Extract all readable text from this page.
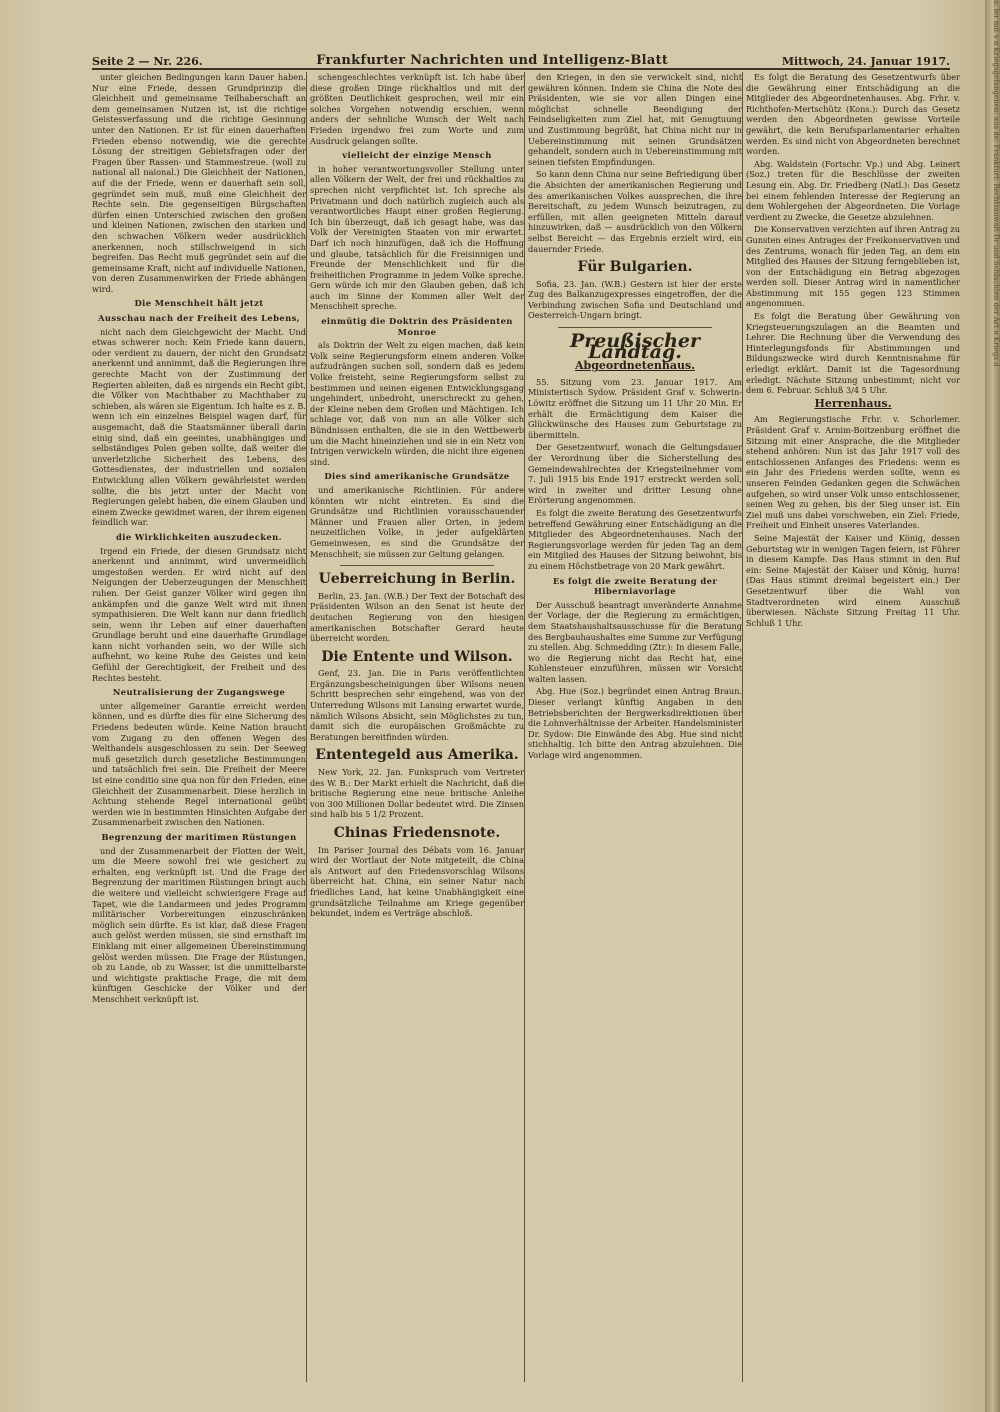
Seite 2 — Nr. 226.	Frankfurter Nachrichten und Intelligenz-Blatt	Mittwoch, 24. Januar 1917.

unter gleichen Bedingungen kann Dauer haben. Nur eine Friede, dessen Grundprinzip die Gleichheit und gemeinsame Teilhaberschaft an dem gemeinsamen Nutzen ist, ist die richtige Geistesverfassung und die richtige Gesinnung unter den Nationen. Er ist für einen dauerhaften Frieden ebenso notwendig, wie die gerechte Lösung der streitigen Gebietsfragen oder der Fragen über Rassen- und Stammestreue. (woll zu national all naional.) Die Gleichheit der Nationen, auf die der Friede, wenn er dauerhaft sein soll, gegründet sein muß, muß eine Gleichheit der Rechte sein. Die gegenseitigen Bürgschaften dürfen einen Unterschied zwischen den großen und kleinen Nationen, zwischen den starken und den schwachen Völkern weder ausdrücklich anerkennen, noch stillschweigend in sich begreifen. Das Recht muß gegründet sein auf die gemeinsame Kraft, nicht auf individuelle Nationen, von deren Zusammenwirken der Friede abhängen wird.

Die Menschheit hält jetzt
Ausschau nach der Freiheit des Lebens,

nicht nach dem Gleichgewicht der Macht. Und etwas schwerer noch: Kein Friede kann dauern, oder verdient zu dauern, der nicht den Grundsatz anerkennt und annimmt, daß die Regierungen ihre gerechte Macht von der Zustimmung der Regierten ableiten, daß es nirgends ein Recht gibt, die Völker von Machthaber zu Machthaber zu schieben, als wären sie Eigentum. Ich halte es z. B. wenn ich ein einzelnes Beispiel wagen darf, für ausgemacht, daß die Staatsmänner überall darin einig sind, daß ein geeintes, unabhängiges und selbständiges Polen geben sollte, daß weiter die unverletzliche Sicherheit des Lebens, des Gottesdienstes, der industriellen und sozialen Entwicklung allen Völkern gewährleistet werden sollte, die bis jetzt unter der Macht von Regierungen gelebt haben, die einem Glauben und einem Zwecke gewidmet waren, der ihrem eigenen feindlich war.

die Wirklichkeiten auszudecken.

Irgend ein Friede, der diesen Grundsatz nicht anerkennt und annimmt, wird unvermeidlich umgestoßen werden. Er wird nicht auf den Neigungen der Ueberzeugungen der Menschheit ruhen. Der Geist ganzer Völker wird gegen ihn ankämpfen und die ganze Welt wird mit ihnen sympathisieren. Die Welt kann nur dann friedlich sein, wenn ihr Leben auf einer dauerhaften Grundlage beruht und eine dauerhafte Grundlage kann nicht vorhanden sein, wo der Wille sich aufhehnt, wo keine Ruhe des Geistes und kein Gefühl der Gerechtigkeit, der Freiheit und des Rechtes besteht.

Neutralisierung der Zugangswege

unter allgemeiner Garantie erreicht werden können, und es dürfte dies für eine Sicherung des Friedens bedeuten würde. Keine Nation braucht vom Zugang zu den offenen Wegen des Welthandels ausgeschlossen zu sein. Der Seeweg muß gesetzlich durch gesetzliche Bestimmungen und tatsächlich frei sein. Die Freiheit der Meere ist eine conditio sine qua non für den Frieden, eine Gleichheit der Zusammenarbeit. Diese herzlich in Achtung stehende Regel international geübt werden wie in bestimmten Hinsichten Aufgabe der Zusammenarbeit zwischen den Nationen.

Begrenzung der maritimen Rüstungen

und der Zusammenarbeit der Flotten der Welt, um die Meere sowohl frei wie gesichert zu erhalten, eng verknüpft ist. Und die Frage der Begrenzung der maritimen Rüstungen bringt auch die weitere und vielleicht schwierigere Frage auf Tapet, wie die Landarmeen und jedes Programm militärischer Vorbereitungen einzuschränken möglich sein dürfte. Es ist klar, daß diese Fragen auch gelöst werden müssen, sie sind ernsthaft im Einklang mit einer allgemeinen Übereinstimmung gelöst werden müssen. Die Frage der Rüstungen, ob zu Lande, ob zu Wasser, ist die unmittelbarste und wichtigste praktische Frage, die mit dem künftigen Geschicke der Völker und der Menschheit verknüpft ist.

schengeschlechtes verknüpft ist. Ich habe über diese großen Dinge rückhaltlos und mit der größten Deutlichkeit gesprochen, weil mir ein solches Vorgehen notwendig erschien, wenn anders der sehnliche Wunsch der Welt nach Frieden irgendwo frei zum Worte und zum Ausdruck gelangen sollte.

vielleicht der einzige Mensch

in hoher verantwortungsvoller Stellung unter allen Völkern der Welt, der frei und rückhaltlos zu sprechen nicht verpflichtet ist. Ich spreche als Privatmann und doch natürlich zugleich auch als verantwortliches Haupt einer großen Regierung. Ich bin überzeugt, daß ich gesagt habe, was das Volk der Vereinigten Staaten von mir erwartet. Darf ich noch hinzufügen, daß ich die Hoffnung und glaube, tatsächlich für die Freisinnigen und Freunde der Menschlichkeit und für die freiheitlichen Programme in jedem Volke spreche. Gern würde ich mir den Glauben geben, daß ich auch im Sinne der Kommen aller Welt der Menschheit spreche.

einmütig die Doktrin des Präsidenten Monroe

als Doktrin der Welt zu eigen machen, daß kein Volk seine Regierungsform einem anderen Volke aufzudrängen suchen soll, sondern daß es jedem Volke freisteht, seine Regierungsform selbst zu bestimmen und seinen eigenen Entwicklungsgang ungehindert, unbedroht, unerschreckt zu gehen, der Kleine neben dem Großen und Mächtigen. Ich schlage vor, daß von nun an alle Völker sich Bündnissen enthalten, die sie in den Wettbewerb um die Macht hineinziehen und sie in ein Netz von Intrigen verwickeln würden, die nicht ihre eigenen sind.

Dies sind amerikanische Grundsätze

und amerikanische Richtlinien. Für andere könnten wir nicht eintreten. Es sind die Grundsätze und Richtlinien vorausschauender Männer und Frauen aller Orten, in jedem neuzeitlichen Volke, in jeder aufgeklärten Gemeinwesen, es sind die Grundsätze der Menschheit; sie müssen zur Geltung gelangen.

Ueberreichung in Berlin.

Berlin, 23. Jan. (W.B.) Der Text der Botschaft des Präsidenten Wilson an den Senat ist heute der deutschen Regierung von den hiesigen amerikanischen Botschafter Gerard heute überreicht worden.

Die Entente und Wilson.

Genf, 23. Jan. Die in Paris veröffentlichten Ergänzungsbescheinigungen über Wilsons neuen Schritt besprechen sehr eingehend, was von der Unterredung Wilsons mit Lansing erwartet wurde, nämlich Wilsons Absicht, sein Möglichstes zu tun, damit sich die europäischen Großmächte zu Beratungen bereitfinden würden.

Ententegeld aus Amerika.

New York, 22. Jan. Funkspruch vom Vertreter des W. B.: Der Markt erhielt die Nachricht, daß die britische Regierung eine neue britische Anleihe von 300 Millionen Dollar bedeutet wird. Die Zinsen sind halb bis 5 1/2 Prozent.

Chinas Friedensnote.

Im Pariser Journal des Débats vom 16. Januar wird der Wortlaut der Note mitgeteilt, die China als Antwort auf den Friedensvorschlag Wilsons überreicht hat. China, ein seiner Natur nach friedliches Land, hat keine Unabhängigkeit eine grundsätzliche Teilnahme am Kriege gegenüber bekundet, indem es Verträge abschloß.

den Kriegen, in den sie verwickelt sind, nicht gewähren können. Indem sie China die Note des Präsidenten, wie sie vor allen Dingen eine möglichst schnelle Beendigung der Feindseligkeiten zum Ziel hat, mit Genugtuung und Zustimmung begrüßt, hat China nicht nur in Uebereinstimmung mit seinen Grundsätzen gehandelt, sondern auch in Uebereinstimmung mit seinen tiefsten Empfindungen.

So kann denn China nur seine Befriedigung über die Absichten der amerikanischen Regierung und des amerikanischen Volkes aussprechen, die ihre Bereitschaft, zu jedem Wunsch beizutragen, zu erfüllen, mit allen geeigneten Mitteln darauf hinzuwirken, daß — ausdrücklich von den Völkern selbst Bereicht — das Ergebnis erzielt wird, ein dauernder Friede.

Für Bulgarien.

Sofia, 23. Jan. (W.B.) Gestern ist hier der erste Zug des Balkanzugexpresses eingetroffen, der die Verbindung zwischen Sofia und Deutschland und Oesterreich-Ungarn bringt.

Preußischer Landtag.
Abgeordnetenhaus.

55. Sitzung vom 23. Januar 1917. Am Ministertisch Sydow. Präsident Graf v. Schwerin-Löwitz eröffnet die Sitzung um 11 Uhr 20 Min. Er erhält die Ermächtigung dem Kaiser die Glückwünsche des Hauses zum Geburtstage zu übermitteln.

Der Gesetzentwurf, wonach die Geltungsdauer der Verordnung über die Sicherstellung des Gemeindewahlrechtes der Kriegsteilnehmer vom 7. Juli 1915 bis Ende 1917 erstreckt werden soll, wird in zweiter und dritter Lesung ohne Erörterung angenommen.

Es folgt die zweite Beratung des Gesetzentwurfs betreffend Gewährung einer Entschädigung an die Mitglieder des Abgeordnetenhauses. Nach der Regierungsvorlage werden für jeden Tag an dem ein Mitglied des Hauses der Sitzung beiwohnt, bis zu einem Höchstbetrage von 20 Mark gewährt.

Es folgt die zweite Beratung der Hiberniavorlage

Der Ausschuß beantragt unveränderte Annahme der Vorlage, der die Regierung zu ermächtigen, dem Staatshaushaltsausschusse für die Beratung des Bergbauhaushaltes eine Summe zur Verfügung zu stellen. Abg. Schmedding (Ztr.): In diesem Falle, wo die Regierung nicht das Recht hat, eine Kohlensteuer einzuführen, müssen wir Vorsicht walten lassen.

Abg. Hue (Soz.) begründet einen Antrag Braun. Dieser verlangt künftig Angaben in den Betriebsberichten der Bergwerksdirektionen über die Lohnverhältnisse der Arbeiter. Handelsminister Dr. Sydow: Die Einwände des Abg. Hue sind nicht stichhaltig. Ich bitte den Antrag abzulehnen. Die Vorlage wird angenommen.

Es folgt die Beratung des Gesetzentwurfs über die Gewährung einer Entschädigung an die Mitglieder des Abgeordnetenhauses. Abg. Frhr. v. Richthofen-Mertschütz (Kons.): Durch das Gesetz werden den Abgeordneten gewisse Vorteile gewährt, die kein Berufsparlamentarier erhalten werden. Es sind nicht von Abgeordneten berechnet worden.

Abg. Waldstein (Fortschr. Vp.) und Abg. Leinert (Soz.) treten für die Beschlüsse der zweiten Lesung ein. Abg. Dr. Friedberg (Natl.): Das Gesetz bei einem fehlenden Interesse der Regierung an dem Wohlergehen der Abgeordneten. Die Vorlage verdient zu Zwecke, die Gesetze abzulehnen.

Die Konservativen verzichten auf ihren Antrag zu Gunsten eines Antrages der Freikonservativen und des Zentrums, wonach für jeden Tag, an dem ein Mitglied des Hauses der Sitzung ferngeblieben ist, von der Entschädigung ein Betrag abgezogen werden soll. Dieser Antrag wird in namentlicher Abstimmung mit 155 gegen 123 Stimmen angenommen.

Es folgt die Beratung über Gewährung von Kriegsteuerungszulagen an die Beamten und Lehrer. Die Rechnung über die Verwendung des Hinterlegungsfonds für Abstimmungen und Bildungszwecke wird durch Kenntnisnahme für erledigt erklärt. Damit ist die Tagesordnung erledigt. Nächste Sitzung unbestimmt; nicht vor dem 6. Februar. Schluß 3/4 5 Uhr.

Herrenhaus.

Am Regierungstische Frhr. v. Schorlemer. Präsident Graf v. Arnim-Boitzenburg eröffnet die Sitzung mit einer Ansprache, die die Mitglieder stehend anhören: Nun ist das Jahr 1917 voll des entschlossenen Anfanges des Friedens: wenn es ein Jahr des Friedens werden sollte, wenn es unseren Feinden Gedanken gegen die Schwächen aufgehen, so wird unser Volk umso entschlossener, seinen Weg zu gehen, bis der Sieg unser ist. Ein Ziel muß uns dabei vorschweben, ein Ziel: Friede, Freiheit und Einheit unseres Vaterlandes.

Seine Majestät der Kaiser und König, dessen Geburtstag wir in wenigen Tagen feiern, ist Führer in diesem Kampfe. Das Haus stimmt in den Ruf ein: Seine Majestät der Kaiser und König, hurra! (Das Haus stimmt dreimal begeistert ein.) Der Gesetzentwurf über die Wahl von Stadtverordneten wird einem Ausschuß überwiesen. Nächste Sitzung Freitag 11 Uhr. Schluß 1 Uhr.

a: ler mit v n Kriegsgefangenen: aus de: Frankfurt: Rechtsanwalt Dr und Schlachten der Art u Kriegs d
